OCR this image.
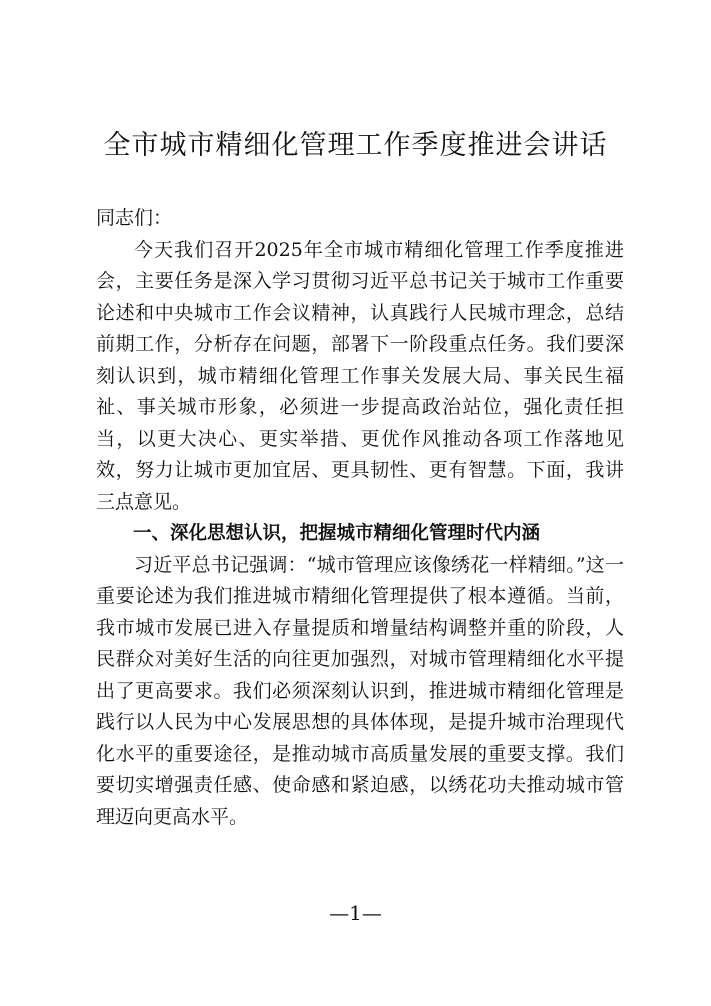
全市城市精细化管理工作季度推进会讲话

同志们：

今天我们召开2025年全市城市精细化管理工作季度推进会，主要任务是深入学习贯彻习近平总书记关于城市工作重要论述和中央城市工作会议精神，认真践行人民城市理念，总结前期工作，分析存在问题，部署下一阶段重点任务。我们要深刻认识到，城市精细化管理工作事关发展大局、事关民生福祉、事关城市形象，必须进一步提高政治站位，强化责任担当，以更大决心、更实举措、更优作风推动各项工作落地见效，努力让城市更加宜居、更具韧性、更有智慧。下面，我讲三点意见。

一、深化思想认识，把握城市精细化管理时代内涵

习近平总书记强调：“城市管理应该像绣花一样精细。”这一重要论述为我们推进城市精细化管理提供了根本遵循。当前，我市城市发展已进入存量提质和增量结构调整并重的阶段，人民群众对美好生活的向往更加强烈，对城市管理精细化水平提出了更高要求。我们必须深刻认识到，推进城市精细化管理是践行以人民为中心发展思想的具体体现，是提升城市治理现代化水平的重要途径，是推动城市高质量发展的重要支撑。我们要切实增强责任感、使命感和紧迫感，以绣花功夫推动城市管理迈向更高水平。

—1—
